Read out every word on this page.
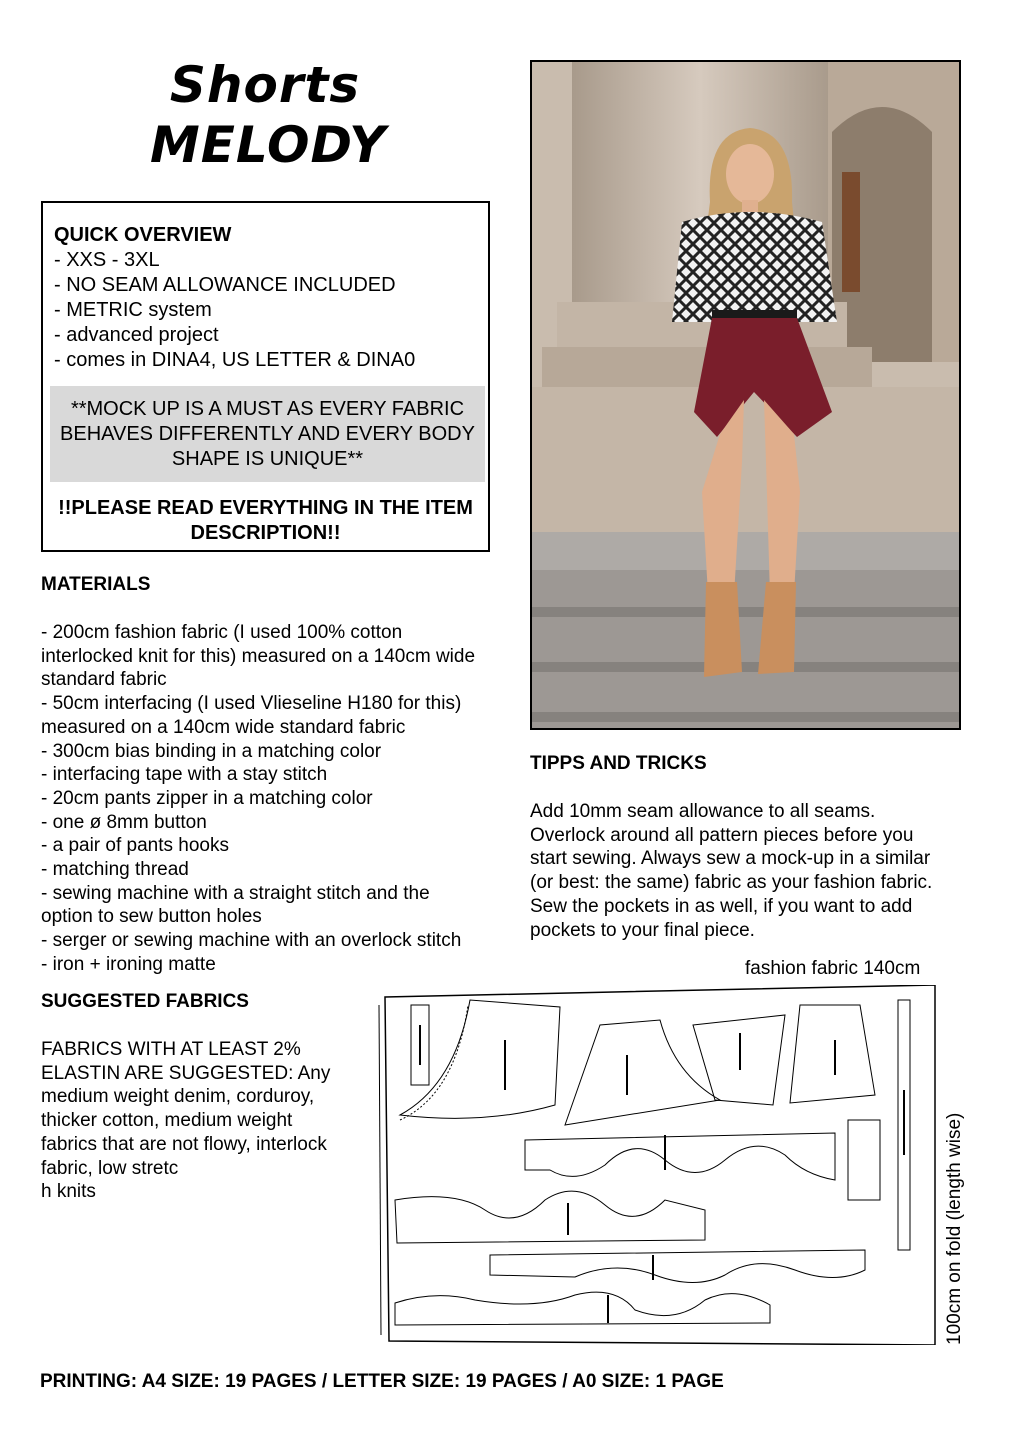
Shorts
MELODY
QUICK OVERVIEW
- XXS - 3XL
- NO SEAM ALLOWANCE INCLUDED
- METRIC system
- advanced project
- comes in DINA4, US LETTER & DINA0
**MOCK UP IS A MUST AS EVERY FABRIC BEHAVES DIFFERENTLY AND EVERY BODY SHAPE IS UNIQUE**
!!PLEASE READ EVERYTHING IN THE ITEM DESCRIPTION!!
MATERIALS
- 200cm fashion fabric (I used 100% cotton
interlocked knit for this) measured on a 140cm wide
standard fabric
- 50cm interfacing (I used Vlieseline H180 for this)
measured on a 140cm wide standard fabric
- 300cm bias binding in a matching color
- interfacing tape with a stay stitch
- 20cm pants zipper in a matching color
- one ø 8mm button
- a pair of pants hooks
- matching thread
- sewing machine with a straight stitch and the
option to sew button holes
- serger or sewing machine with an overlock stitch
- iron + ironing matte
SUGGESTED FABRICS
FABRICS WITH AT LEAST 2%
ELASTIN ARE SUGGESTED: Any
medium weight denim, corduroy,
thicker cotton, medium weight
fabrics that are not flowy, interlock
fabric, low stretc
h knits
TIPPS AND TRICKS
Add 10mm seam allowance to all seams.
Overlock around all pattern pieces before you
start sewing. Always sew a mock-up in a similar
(or best: the same) fabric as your fashion fabric.
Sew the pockets in as well, if you want to add
pockets to your final piece.
fashion fabric 140cm
100cm on fold (length wise)
PRINTING: A4 SIZE: 19 PAGES / LETTER SIZE: 19 PAGES / A0 SIZE: 1 PAGE
